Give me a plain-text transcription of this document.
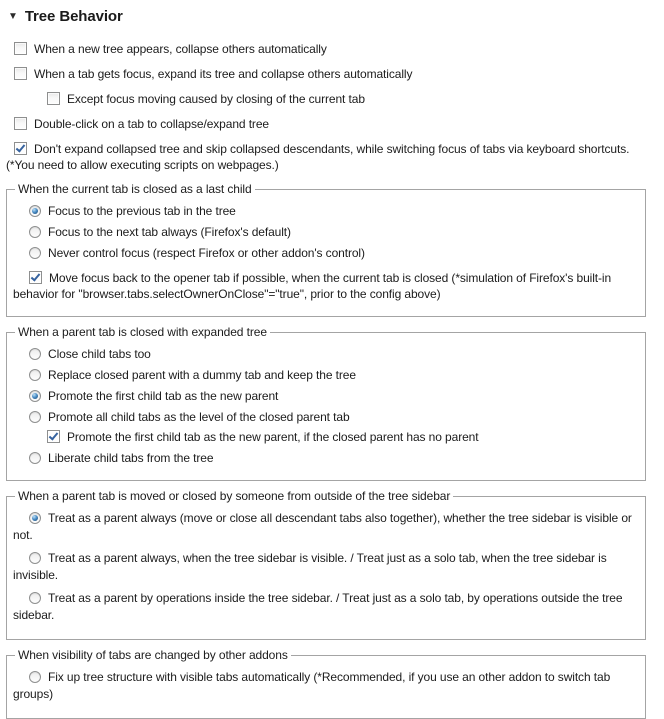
▼ Tree Behavior
When a new tree appears, collapse others automatically
When a tab gets focus, expand its tree and collapse others automatically
Except focus moving caused by closing of the current tab
Double-click on a tab to collapse/expand tree
Don't expand collapsed tree and skip collapsed descendants, while switching focus of tabs via keyboard shortcuts. (*You need to allow executing scripts on webpages.)
When the current tab is closed as a last child
Focus to the previous tab in the tree
Focus to the next tab always (Firefox's default)
Never control focus (respect Firefox or other addon's control)
Move focus back to the opener tab if possible, when the current tab is closed (*simulation of Firefox's built-in behavior for "browser.tabs.selectOwnerOnClose"="true", prior to the config above)
When a parent tab is closed with expanded tree
Close child tabs too
Replace closed parent with a dummy tab and keep the tree
Promote the first child tab as the new parent
Promote all child tabs as the level of the closed parent tab
Promote the first child tab as the new parent, if the closed parent has no parent
Liberate child tabs from the tree
When a parent tab is moved or closed by someone from outside of the tree sidebar
Treat as a parent always (move or close all descendant tabs also together), whether the tree sidebar is visible or not.
Treat as a parent always, when the tree sidebar is visible. / Treat just as a solo tab, when the tree sidebar is invisible.
Treat as a parent by operations inside the tree sidebar. / Treat just as a solo tab, by operations outside the tree sidebar.
When visibility of tabs are changed by other addons
Fix up tree structure with visible tabs automatically (*Recommended, if you use an other addon to switch tab groups)
